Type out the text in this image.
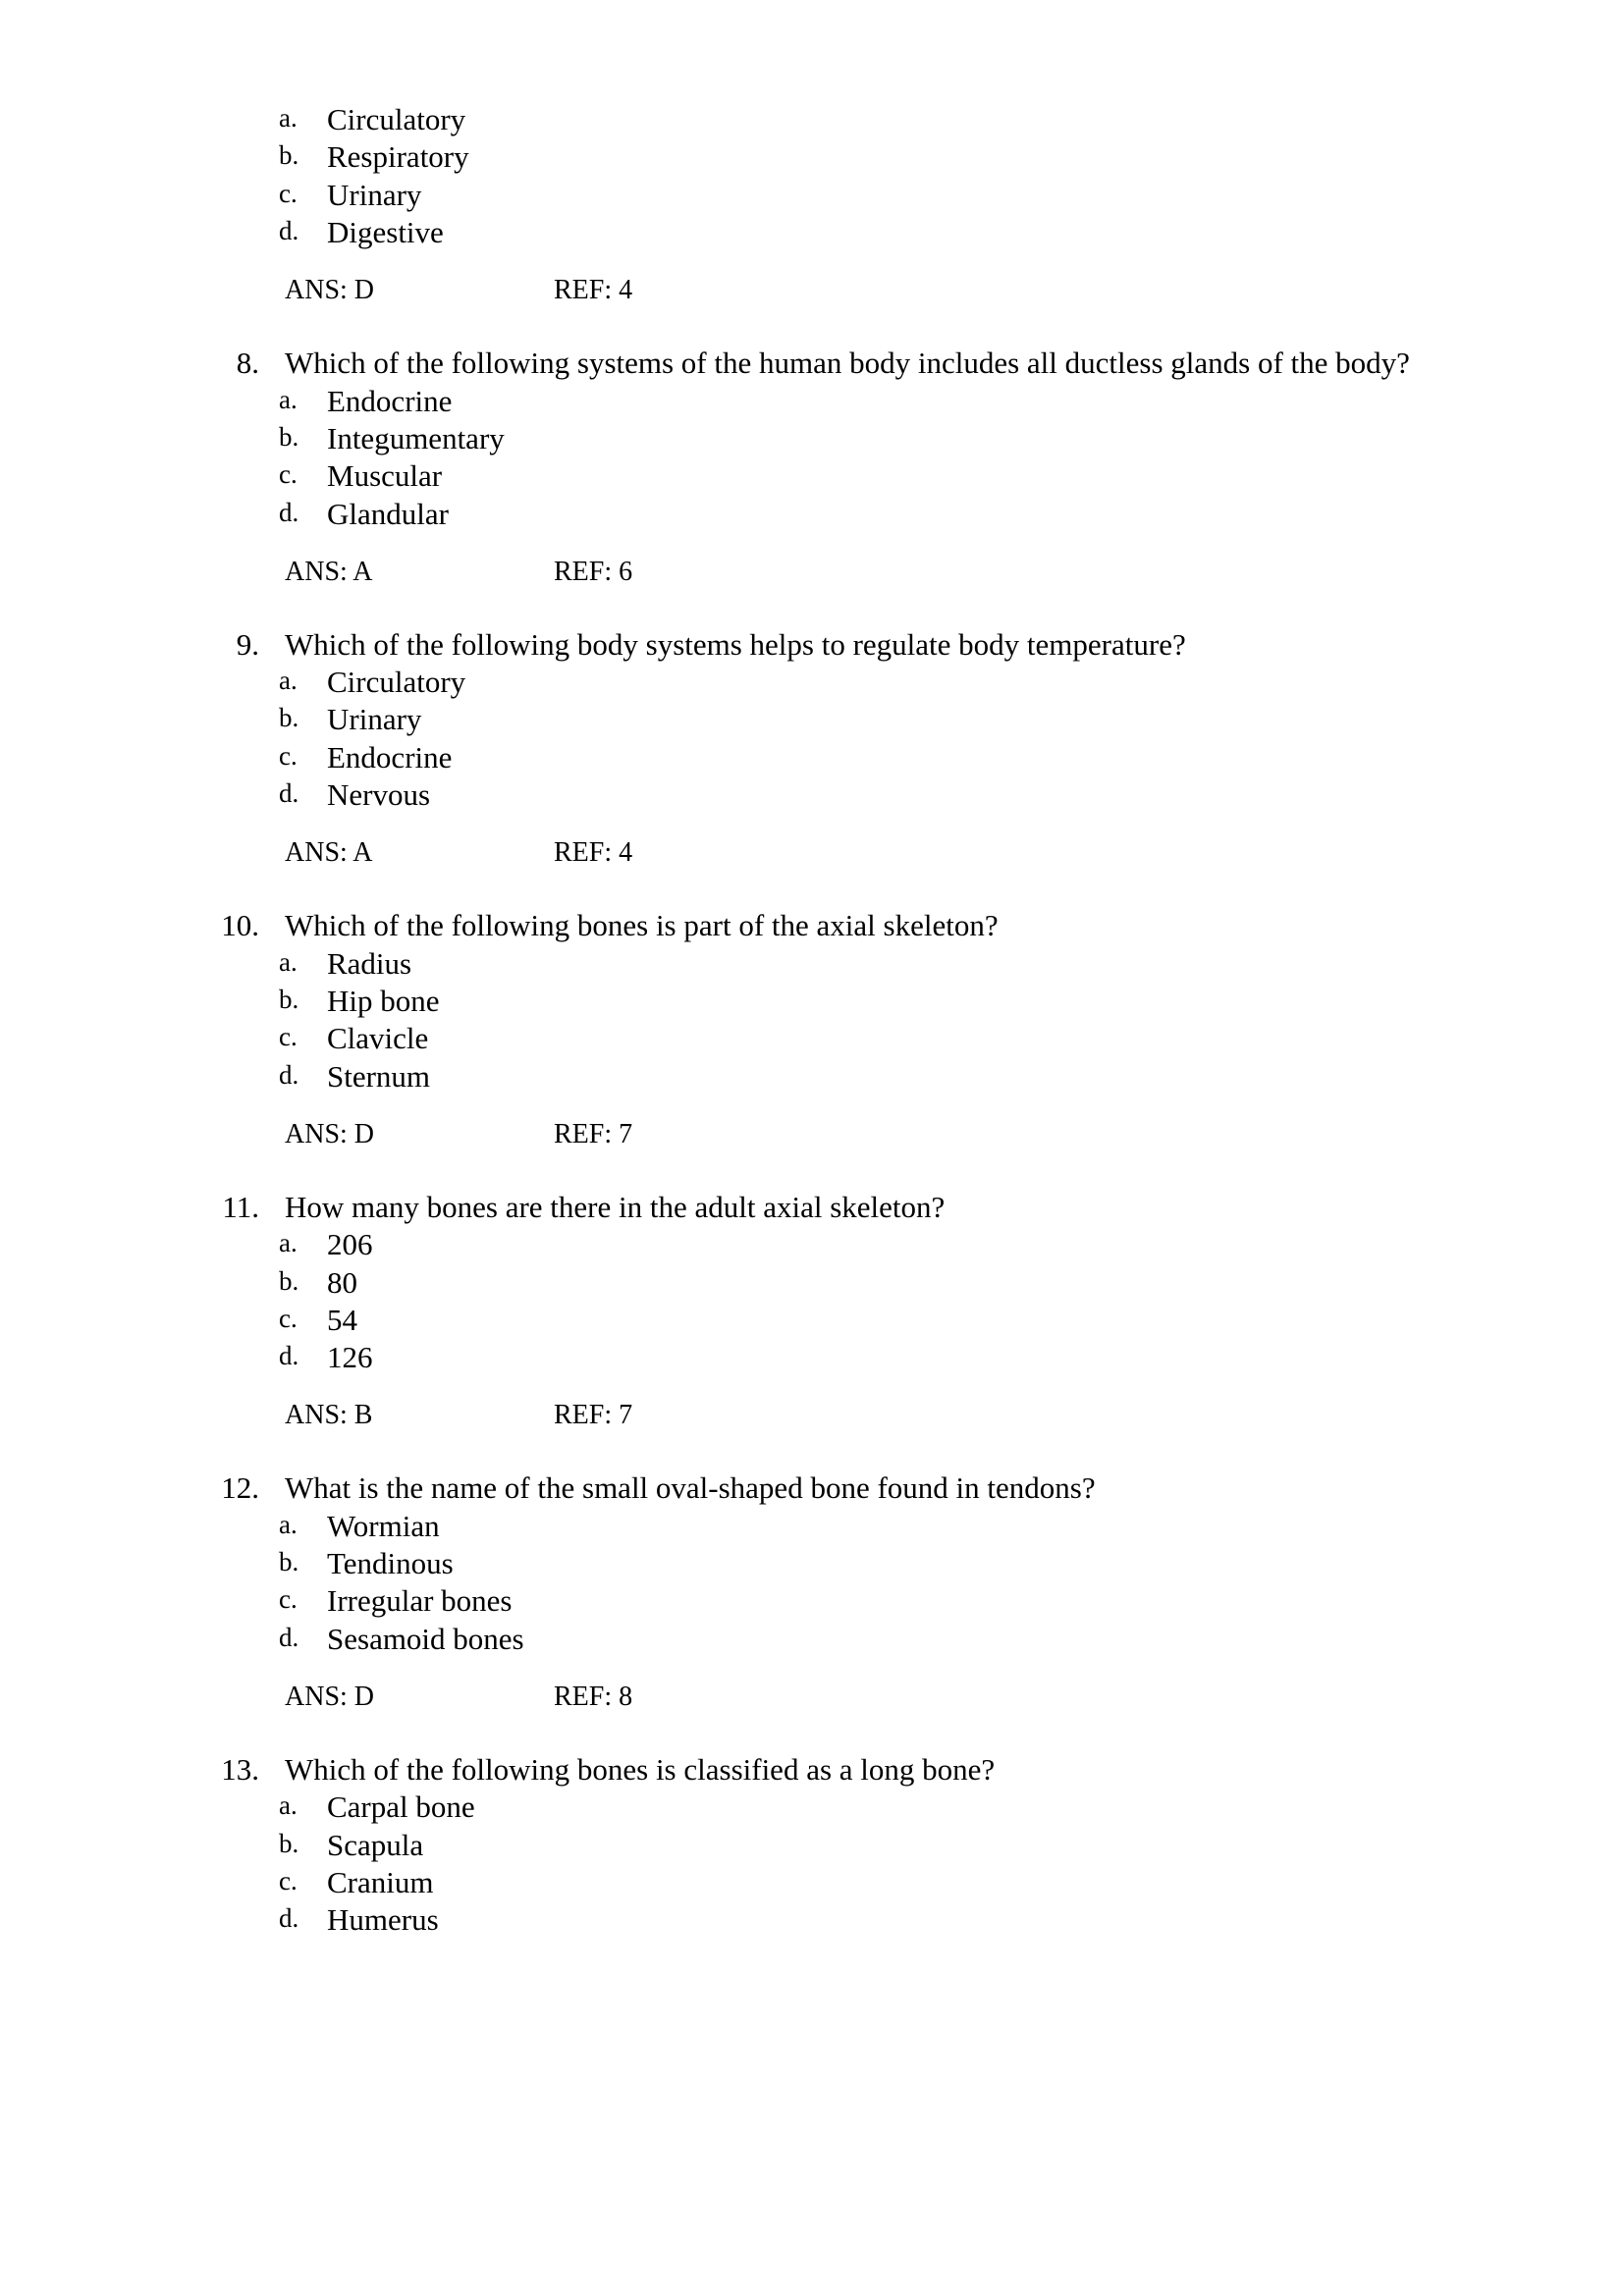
a. Circulatory
b. Respiratory
c. Urinary
d. Digestive
ANS: D	REF: 4
8. Which of the following systems of the human body includes all ductless glands of the body?
a. Endocrine
b. Integumentary
c. Muscular
d. Glandular
ANS: A	REF: 6
9. Which of the following body systems helps to regulate body temperature?
a. Circulatory
b. Urinary
c. Endocrine
d. Nervous
ANS: A	REF: 4
10. Which of the following bones is part of the axial skeleton?
a. Radius
b. Hip bone
c. Clavicle
d. Sternum
ANS: D	REF: 7
11. How many bones are there in the adult axial skeleton?
a. 206
b. 80
c. 54
d. 126
ANS: B	REF: 7
12. What is the name of the small oval-shaped bone found in tendons?
a. Wormian
b. Tendinous
c. Irregular bones
d. Sesamoid bones
ANS: D	REF: 8
13. Which of the following bones is classified as a long bone?
a. Carpal bone
b. Scapula
c. Cranium
d. Humerus
